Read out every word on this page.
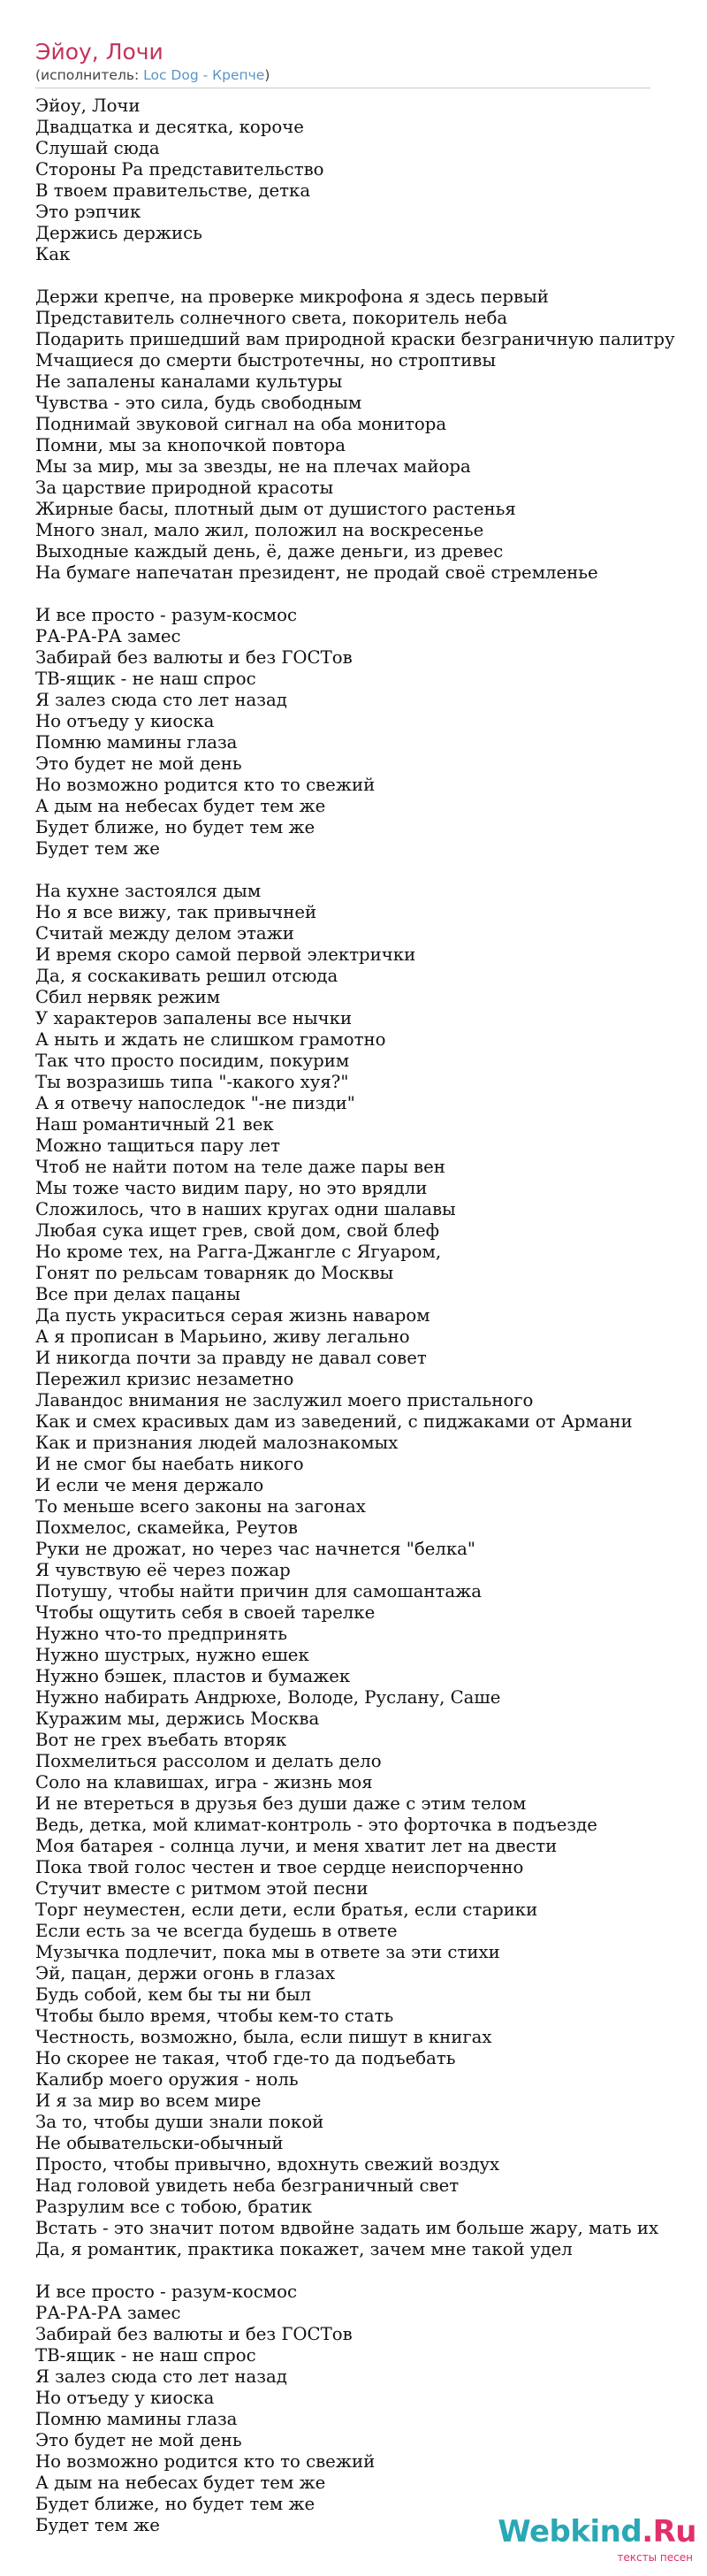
Эйоу, Лочи
(исполнитель: Loc Dog - Крепче)
Эйоу, Лочи
Двадцатка и десятка, короче
Слушай сюда
Стороны Ра представительство
В твоем правительстве, детка
Это рэпчик
Держись держись
Как
Держи крепче, на проверке микрофона я здесь первый
Представитель солнечного света, покоритель неба
Подарить пришедший вам природной краски безграничную палитру
Мчащиеся до смерти быстротечны, но строптивы
Не запалены каналами культуры
Чувства - это сила, будь свободным
Поднимай звуковой сигнал на оба монитора
Помни, мы за кнопочкой повтора
Мы за мир, мы за звезды, не на плечах майора
За царствие природной красоты
Жирные басы, плотный дым от душистого растенья
Много знал, мало жил, положил на воскресенье
Выходные каждый день, ё, даже деньги, из древес
На бумаге напечатан президент, не продай своё стремленье
И все просто - разум-космос
РА-РА-РА замес
Забирай без валюты и без ГОСТов
ТВ-ящик - не наш спрос
Я залез сюда сто лет назад
Но отъеду у киоска
Помню мамины глаза
Это будет не мой день
Но возможно родится кто то свежий
А дым на небесах будет тем же
Будет ближе, но будет тем же
Будет тем же
На кухне застоялся дым
Но я все вижу, так привычней
Считай между делом этажи
И время скоро самой первой электрички
Да, я соскакивать решил отсюда
Сбил нервяк режим
У характеров запалены все нычки
А ныть и ждать не слишком грамотно
Так что просто посидим, покурим
Ты возразишь типа "-какого хуя?"
А я отвечу напоследок "-не пизди"
Наш романтичный 21 век
Можно тащиться пару лет
Чтоб не найти потом на теле даже пары вен
Мы тоже часто видим пару, но это врядли
Сложилось, что в наших кругах одни шалавы
Любая сука ищет грев, свой дом, свой блеф
Но кроме тех, на Рагга-Джангле с Ягуаром,
Гонят по рельсам товарняк до Москвы
Все при делах пацаны
Да пусть украситься серая жизнь наваром
А я прописан в Марьино, живу легально
И никогда почти за правду не давал совет
Пережил кризис незаметно
Лавандос внимания не заслужил моего пристального
Как и смех красивых дам из заведений, с пиджаками от Армани
Как и признания людей малознакомых
И не смог бы наебать никого
И если че меня держало
То меньше всего законы на загонах
Похмелос, скамейка, Реутов
Руки не дрожат, но через час начнется "белка"
Я чувствую её через пожар
Потушу, чтобы найти причин для самошантажа
Чтобы ощутить себя в своей тарелке
Нужно что-то предпринять
Нужно шустрых, нужно ешек
Нужно бэшек, пластов и бумажек
Нужно набирать Андрюхе, Володе, Руслану, Саше
Куражим мы, держись Москва
Вот не грех въебать вторяк
Похмелиться рассолом и делать дело
Соло на клавишах, игра - жизнь моя
И не втереться в друзья без души даже с этим телом
Ведь, детка, мой климат-контроль - это форточка в подъезде
Моя батарея - солнца лучи, и меня хватит лет на двести
Пока твой голос честен и твое сердце неиспорченно
Стучит вместе с ритмом этой песни
Торг неуместен, если дети, если братья, если старики
Если есть за че всегда будешь в ответе
Музычка подлечит, пока мы в ответе за эти стихи
Эй, пацан, держи огонь в глазах
Будь собой, кем бы ты ни был
Чтобы было время, чтобы кем-то стать
Честность, возможно, была, если пишут в книгах
Но скорее не такая, чтоб где-то да подъебать
Калибр моего оружия - ноль
И я за мир во всем мире
За то, чтобы души знали покой
Не обывательски-обычный
Просто, чтобы привычно, вдохнуть свежий воздух
Над головой увидеть неба безграничный свет
Разрулим все с тобою, братик
Встать - это значит потом вдвойне задать им больше жару, мать их
Да, я романтик, практика покажет, зачем мне такой удел
И все просто - разум-космос
РА-РА-РА замес
Забирай без валюты и без ГОСТов
ТВ-ящик - не наш спрос
Я залез сюда сто лет назад
Но отъеду у киоска
Помню мамины глаза
Это будет не мой день
Но возможно родится кто то свежий
А дым на небесах будет тем же
Будет ближе, но будет тем же
Будет тем же	Webkind.Ru
тексты песен
